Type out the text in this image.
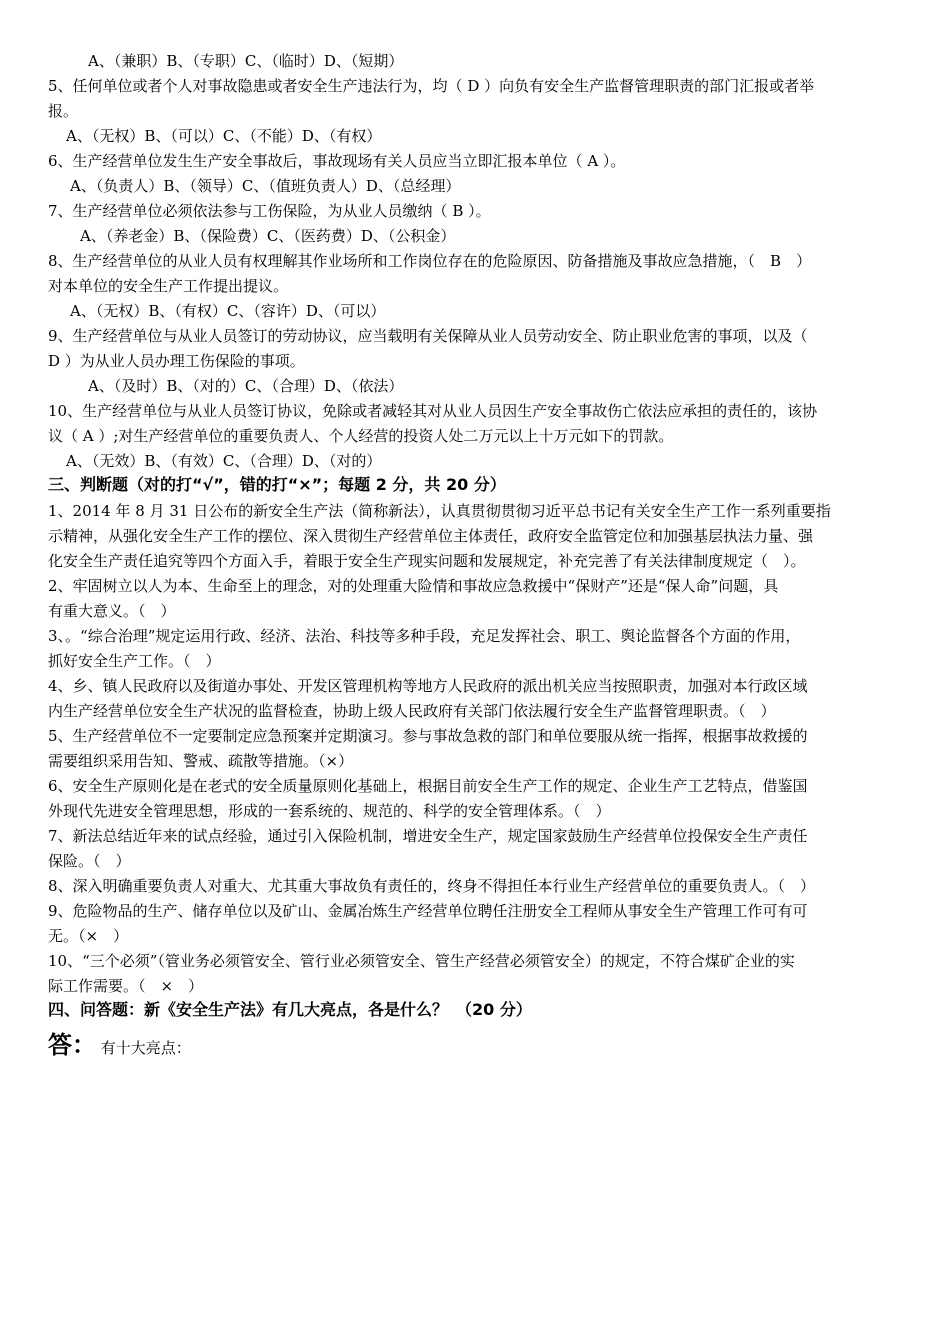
A、（兼职）B、（专职）C、（临时）D、（短期）
5、任何单位或者个人对事故隐患或者安全生产违法行为，均（ D ）向负有安全生产监督管理职责的部门汇报或者举
报。
A、（无权）B、（可以）C、（不能）D、（有权）
6、生产经营单位发生生产安全事故后，事故现场有关人员应当立即汇报本单位（ A ）。
A、（负责人）B、（领导）C、（值班负责人）D、（总经理）
7、生产经营单位必须依法参与工伤保险，为从业人员缴纳（ B ）。
A、（养老金）B、（保险费）C、（医药费）D、（公积金）
8、生产经营单位的从业人员有权理解其作业场所和工作岗位存在的危险原因、防备措施及事故应急措施，（　B　）
对本单位的安全生产工作提出提议。
A、（无权）B、（有权）C、（容许）D、（可以）
9、生产经营单位与从业人员签订的劳动协议，应当载明有关保障从业人员劳动安全、防止职业危害的事项，以及（
D ）为从业人员办理工伤保险的事项。
A、（及时）B、（对的）C、（合理）D、（依法）
10、生产经营单位与从业人员签订协议，免除或者减轻其对从业人员因生产安全事故伤亡依法应承担的责任的，该协
议（ A ）;对生产经营单位的重要负责人、个人经营的投资人处二万元以上十万元如下的罚款。
A、（无效）B、（有效）C、（合理）D、（对的）
三、判断题（对的打“√”，错的打“×”；每题 2 分，共 20 分）
1、2014 年 8 月 31 日公布的新安全生产法（简称新法），认真贯彻贯彻习近平总书记有关安全生产工作一系列重要指
示精神，从强化安全生产工作的摆位、深入贯彻生产经营单位主体责任，政府安全监管定位和加强基层执法力量、强
化安全生产责任追究等四个方面入手，着眼于安全生产现实问题和发展规定，补充完善了有关法律制度规定（　）。
2、牢固树立以人为本、生命至上的理念，对的处理重大险情和事故应急救援中“保财产”还是“保人命”问题，具
有重大意义。（　）
3、。“综合治理”规定运用行政、经济、法治、科技等多种手段，充足发挥社会、职工、舆论监督各个方面的作用，
抓好安全生产工作。（　）
4、乡、镇人民政府以及街道办事处、开发区管理机构等地方人民政府的派出机关应当按照职责，加强对本行政区域
内生产经营单位安全生产状况的监督检查，协助上级人民政府有关部门依法履行安全生产监督管理职责。（　）
5、生产经营单位不一定要制定应急预案并定期演习。参与事故急救的部门和单位要服从统一指挥，根据事故救援的
需要组织采用告知、警戒、疏散等措施。（×）
6、安全生产原则化是在老式的安全质量原则化基础上，根据目前安全生产工作的规定、企业生产工艺特点，借鉴国
外现代先进安全管理思想，形成的一套系统的、规范的、科学的安全管理体系。（　）
7、新法总结近年来的试点经验，通过引入保险机制，增进安全生产，规定国家鼓励生产经营单位投保安全生产责任
保险。（　）
8、深入明确重要负责人对重大、尤其重大事故负有责任的，终身不得担任本行业生产经营单位的重要负责人。（　）
9、危险物品的生产、储存单位以及矿山、金属冶炼生产经营单位聘任注册安全工程师从事安全生产管理工作可有可
无。（×　）
10、“三个必须”（管业务必须管安全、管行业必须管安全、管生产经营必须管安全）的规定，不符合煤矿企业的实
际工作需要。（　×　）
四、问答题：新《安全生产法》有几大亮点，各是什么？　（20 分）
答： 有十大亮点：
